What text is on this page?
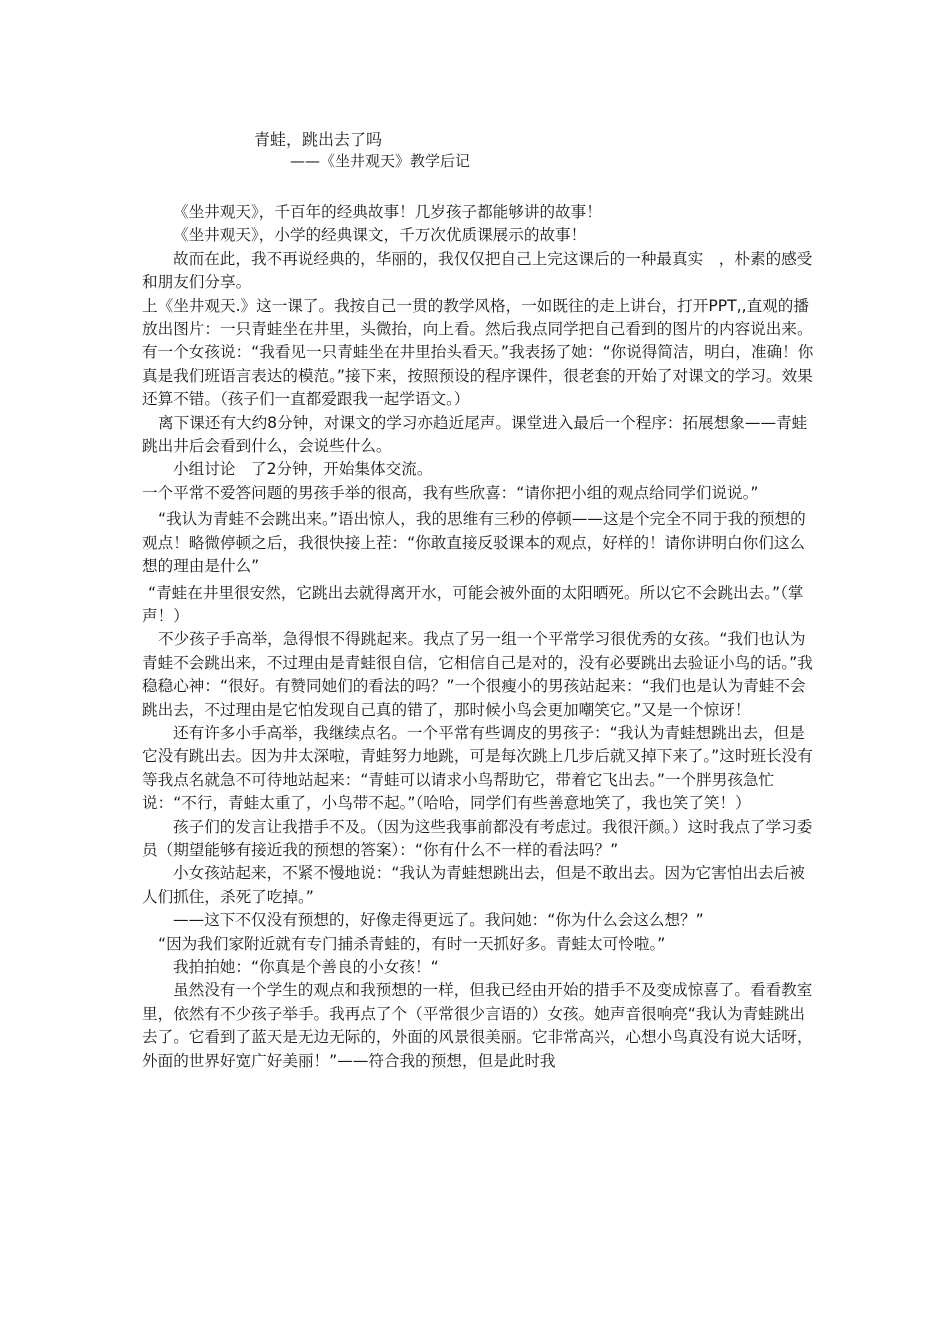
青蛙，跳出去了吗
——《坐井观天》教学后记

《坐井观天》，千百年的经典故事！几岁孩子都能够讲的故事！

《坐井观天》，小学的经典课文，千万次优质课展示的故事！

故而在此，我不再说经典的，华丽的，我仅仅把自己上完这课后的一种最真实　，朴素的感受和朋友们分享。

上《坐井观天.》这一课了。我按自己一贯的教学风格，一如既往的走上讲台，打开PPT,,直观的播放出图片：一只青蛙坐在井里，头微抬，向上看。然后我点同学把自己看到的图片的内容说出来。有一个女孩说：“我看见一只青蛙坐在井里抬头看天。”我表扬了她：“你说得简洁，明白，准确！你真是我们班语言表达的模范。”接下来，按照预设的程序课件，很老套的开始了对课文的学习。效果还算不错。（孩子们一直都爱跟我一起学语文。）

离下课还有大约8分钟，对课文的学习亦趋近尾声。课堂进入最后一个程序：拓展想象——青蛙跳出井后会看到什么，会说些什么。

小组讨论　了2分钟，开始集体交流。

一个平常不爱答问题的男孩手举的很高，我有些欣喜：“请你把小组的观点给同学们说说。”

“我认为青蛙不会跳出来。”语出惊人，我的思维有三秒的停顿——这是个完全不同于我的预想的观点！略微停顿之后，我很快接上茬：“你敢直接反驳课本的观点，好样的！请你讲明白你们这么想的理由是什么”

“青蛙在井里很安然，它跳出去就得离开水，可能会被外面的太阳晒死。所以它不会跳出去。”（掌声！）

不少孩子手高举，急得恨不得跳起来。我点了另一组一个平常学习很优秀的女孩。“我们也认为青蛙不会跳出来，不过理由是青蛙很自信，它相信自己是对的，没有必要跳出去验证小鸟的话。”我稳稳心神：“很好。有赞同她们的看法的吗？”一个很瘦小的男孩站起来：“我们也是认为青蛙不会跳出去，不过理由是它怕发现自己真的错了，那时候小鸟会更加嘲笑它。”又是一个惊讶！

还有许多小手高举，我继续点名。一个平常有些调皮的男孩子：“我认为青蛙想跳出去，但是它没有跳出去。因为井太深啦，青蛙努力地跳，可是每次跳上几步后就又掉下来了。”这时班长没有等我点名就急不可待地站起来：“青蛙可以请求小鸟帮助它，带着它飞出去。”一个胖男孩急忙说：“不行，青蛙太重了，小鸟带不起。”（哈哈，同学们有些善意地笑了，我也笑了笑！）

孩子们的发言让我措手不及。（因为这些我事前都没有考虑过。我很汗颜。）这时我点了学习委员（期望能够有接近我的预想的答案）：“你有什么不一样的看法吗？”

小女孩站起来，不紧不慢地说：“我认为青蛙想跳出去，但是不敢出去。因为它害怕出去后被人们抓住，杀死了吃掉。”

——这下不仅没有预想的，好像走得更远了。我问她：“你为什么会这么想？”

“因为我们家附近就有专门捕杀青蛙的，有时一天抓好多。青蛙太可怜啦。”

我拍拍她：“你真是个善良的小女孩！“

虽然没有一个学生的观点和我预想的一样，但我已经由开始的措手不及变成惊喜了。看看教室里，依然有不少孩子举手。我再点了个（平常很少言语的）女孩。她声音很响亮“我认为青蛙跳出去了。它看到了蓝天是无边无际的，外面的风景很美丽。它非常高兴，心想小鸟真没有说大话呀，外面的世界好宽广好美丽！”——符合我的预想，但是此时我
